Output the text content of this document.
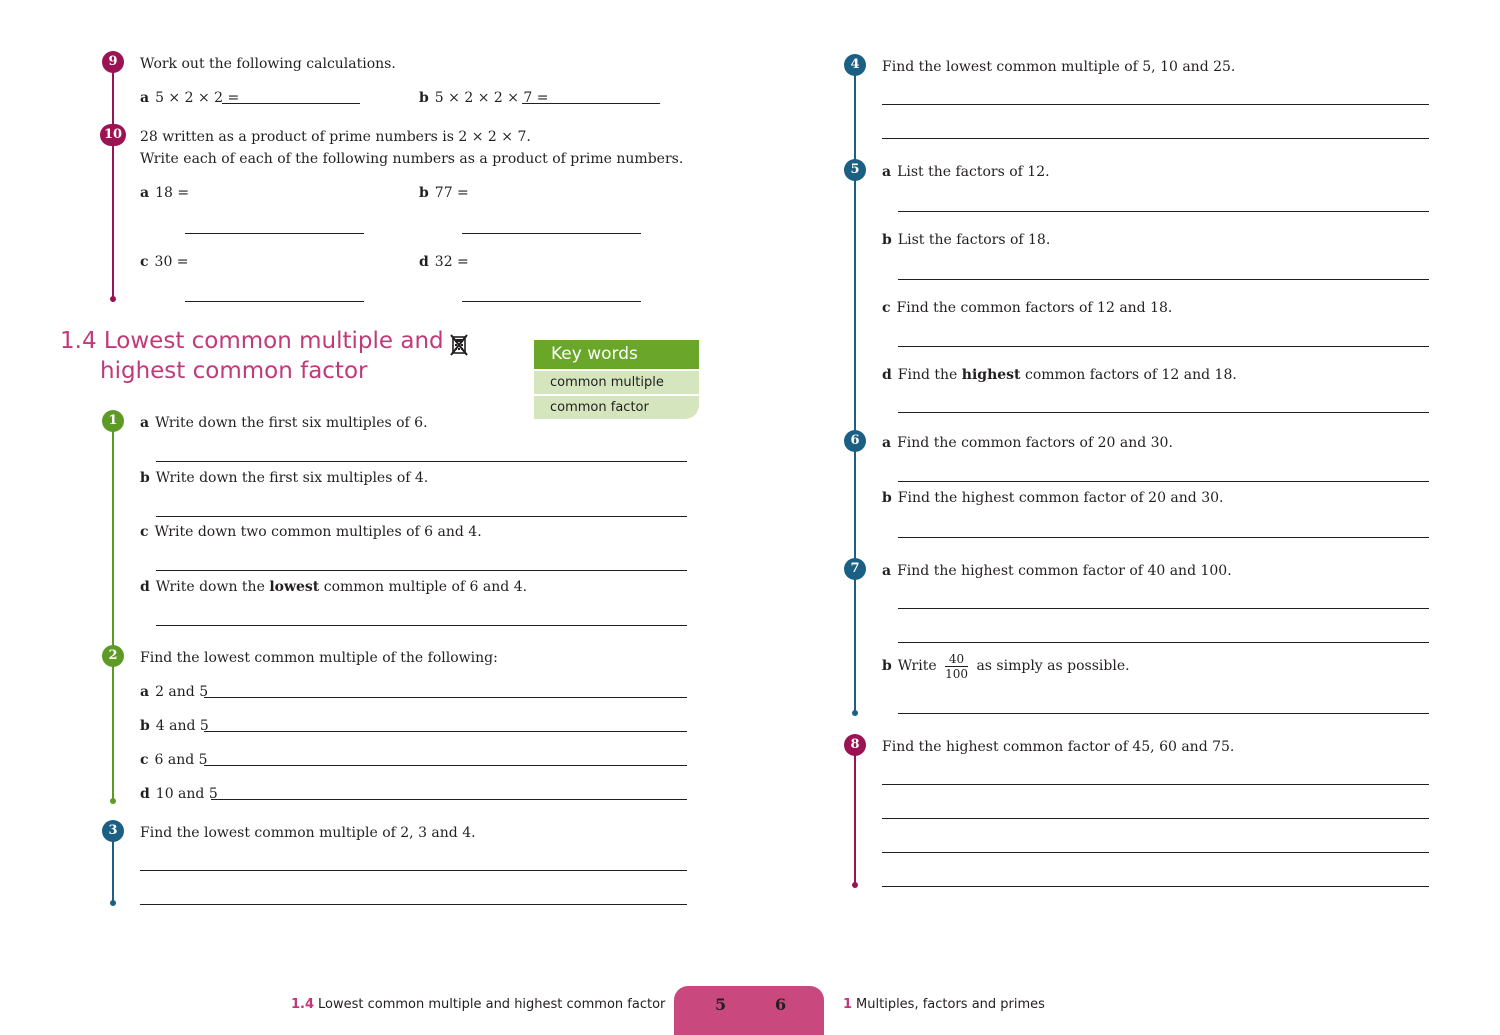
9	Work out the following calculations.
a 5 × 2 × 2 =	b 5 × 2 × 2 × 7 =
10 28 written as a product of prime numbers is 2 × 2 × 7.
Write each of each of the following numbers as a product of prime numbers.
a 18 =	b 77 =
c 30 =	d 32 =
1.4 Lowest common multiple and
highest common factor
Key words
common multiple
common factor
1	a Write down the first six multiples of 6.
b Write down the first six multiples of 4.
c Write down two common multiples of 6 and 4.
d Write down the lowest common multiple of 6 and 4.
2	Find the lowest common multiple of the following:
a 2 and 5
b 4 and 5
c 6 and 5
d 10 and 5
3	Find the lowest common multiple of 2, 3 and 4.
4	Find the lowest common multiple of 5, 10 and 25.
5	a List the factors of 12.
b List the factors of 18.
c Find the common factors of 12 and 18.
d Find the highest common factors of 12 and 18.
6	a Find the common factors of 20 and 30.
b Find the highest common factor of 20 and 30.
7	a Find the highest common factor of 40 and 100.
b Write $\frac{40}{100}$ as simply as possible.
8	Find the highest common factor of 45, 60 and 75.
1.4 Lowest common multiple and highest common factor	5	6	1 Multiples, factors and primes
